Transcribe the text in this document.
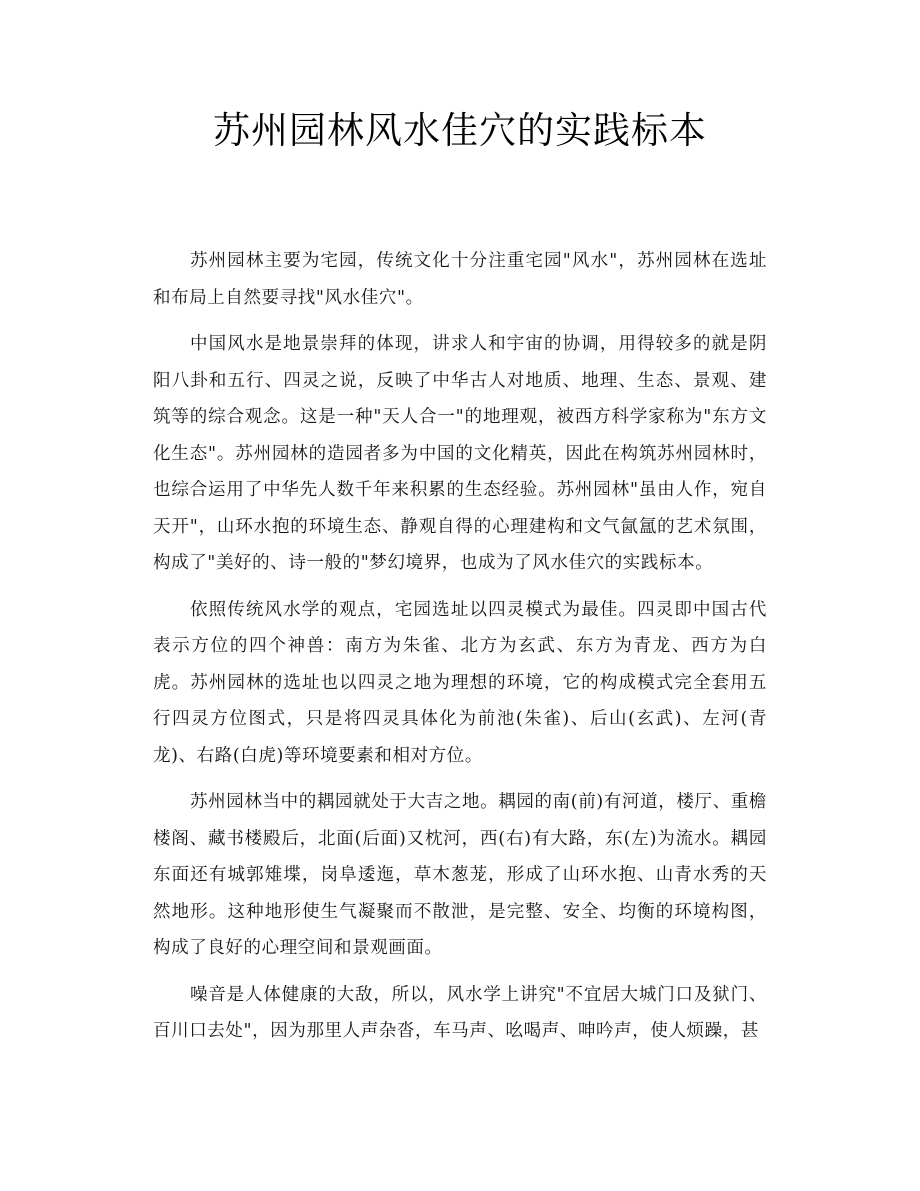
苏州园林风水佳穴的实践标本

苏州园林主要为宅园，传统文化十分注重宅园"风水"，苏州园林在选址和布局上自然要寻找"风水佳穴"。

中国风水是地景崇拜的体现，讲求人和宇宙的协调，用得较多的就是阴阳八卦和五行、四灵之说，反映了中华古人对地质、地理、生态、景观、建筑等的综合观念。这是一种"天人合一"的地理观，被西方科学家称为"东方文化生态"。苏州园林的造园者多为中国的文化精英，因此在构筑苏州园林时，也综合运用了中华先人数千年来积累的生态经验。苏州园林"虽由人作，宛自天开"，山环水抱的环境生态、静观自得的心理建构和文气氤氲的艺术氛围，构成了"美好的、诗一般的"梦幻境界，也成为了风水佳穴的实践标本。

依照传统风水学的观点，宅园选址以四灵模式为最佳。四灵即中国古代表示方位的四个神兽：南方为朱雀、北方为玄武、东方为青龙、西方为白虎。苏州园林的选址也以四灵之地为理想的环境，它的构成模式完全套用五行四灵方位图式，只是将四灵具体化为前池(朱雀)、后山(玄武)、左河(青龙)、右路(白虎)等环境要素和相对方位。

苏州园林当中的耦园就处于大吉之地。耦园的南(前)有河道，楼厅、重檐楼阁、藏书楼殿后，北面(后面)又枕河，西(右)有大路，东(左)为流水。耦园东面还有城郭雉堞，岗阜逶迤，草木葱茏，形成了山环水抱、山青水秀的天然地形。这种地形使生气凝聚而不散泄，是完整、安全、均衡的环境构图，构成了良好的心理空间和景观画面。

噪音是人体健康的大敌，所以，风水学上讲究"不宜居大城门口及狱门、百川口去处"，因为那里人声杂沓，车马声、吆喝声、呻吟声，使人烦躁，甚
